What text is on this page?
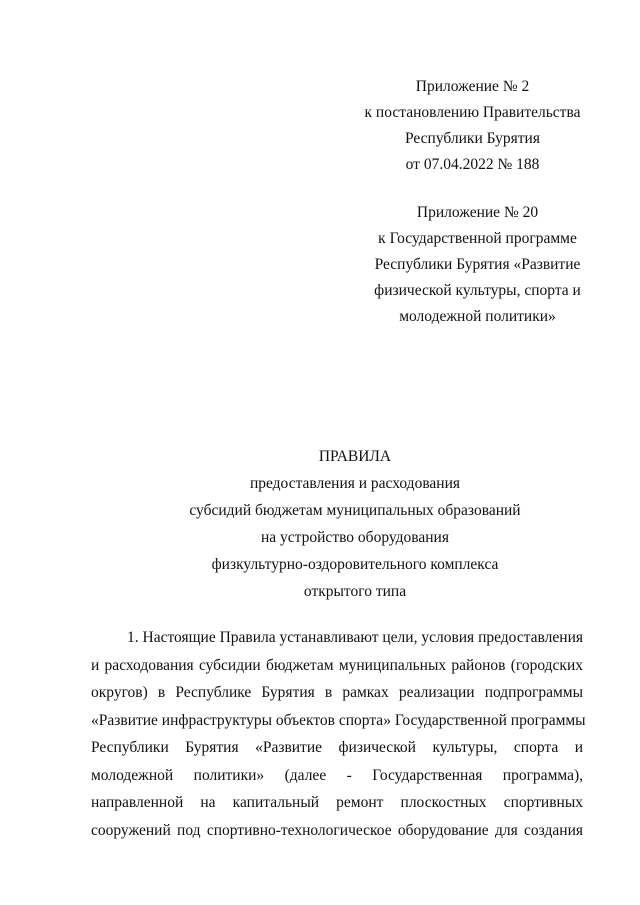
Приложение № 2
к постановлению Правительства
Республики Бурятия
от 07.04.2022 № 188
Приложение № 20
к Государственной программе
Республики Бурятия «Развитие
физической культуры, спорта и
молодежной политики»
ПРАВИЛА
предоставления и расходования
субсидий бюджетам муниципальных образований
на устройство оборудования
физкультурно-оздоровительного комплекса
открытого типа
1. Настоящие Правила устанавливают цели, условия предоставления
и расходования субсидии бюджетам муниципальных районов (городских
округов) в Республике Бурятия в рамках реализации подпрограммы
«Развитие инфраструктуры объектов спорта» Государственной программы
Республики Бурятия «Развитие физической культуры, спорта и
молодежной политики» (далее - Государственная программа),
направленной на капитальный ремонт плоскостных спортивных
сооружений под спортивно-технологическое оборудование для создания
